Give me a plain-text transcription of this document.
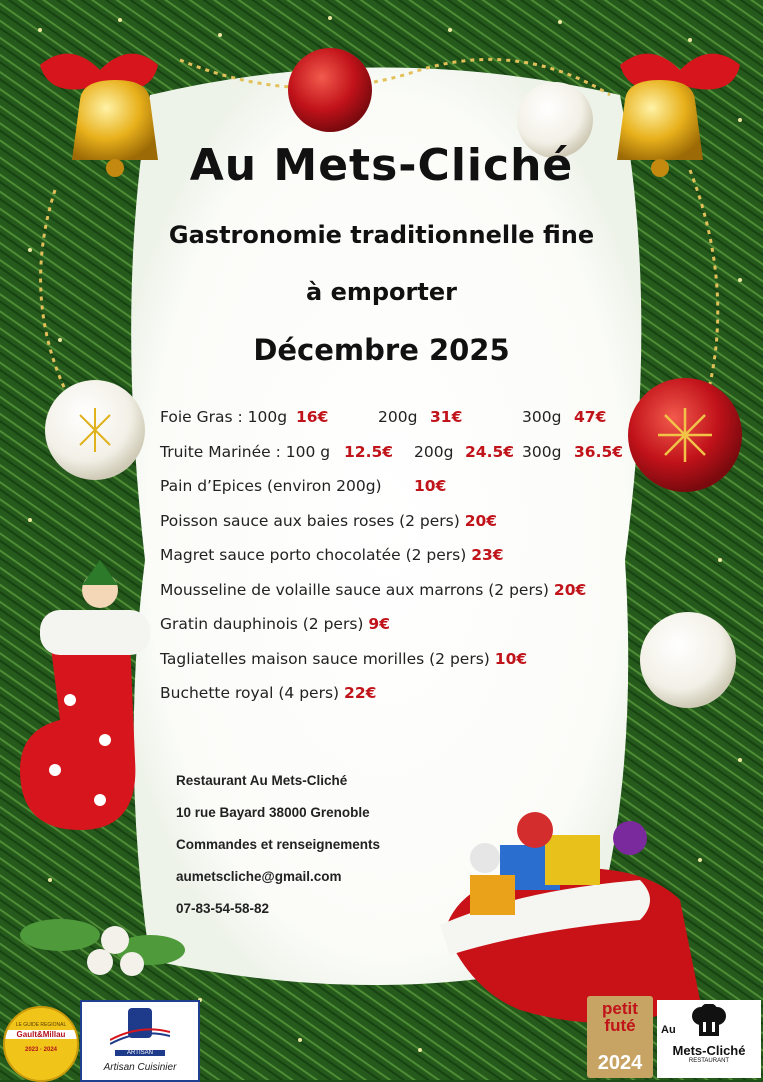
Au Mets-Cliché
Gastronomie traditionnelle fine
à emporter
Décembre 2025
Foie Gras : 100g 16€	200g 31€	300g 47€
Truite Marinée : 100 g 12.5€ 200g 24.5€ 300g 36.5€
Pain d’Epices (environ 200g) 10€
Poisson sauce aux baies roses (2 pers) 20€
Magret sauce porto chocolatée (2 pers) 23€
Mousseline de volaille sauce aux marrons (2 pers) 20€
Gratin dauphinois (2 pers) 9€
Tagliatelles maison sauce morilles (2 pers) 10€
Buchette royal (4 pers) 22€
Restaurant Au Mets-Cliché
10 rue Bayard 38000 Grenoble
Commandes et renseignements
aumetscliche@gmail.com
07-83-54-58-82
LE GUIDE REGIONAL
Gault&Millau
2023 · 2024	ARTISAN
Artisan Cuisinier
petit
futé
2024
Au
Mets-Cliché
RESTAURANT
